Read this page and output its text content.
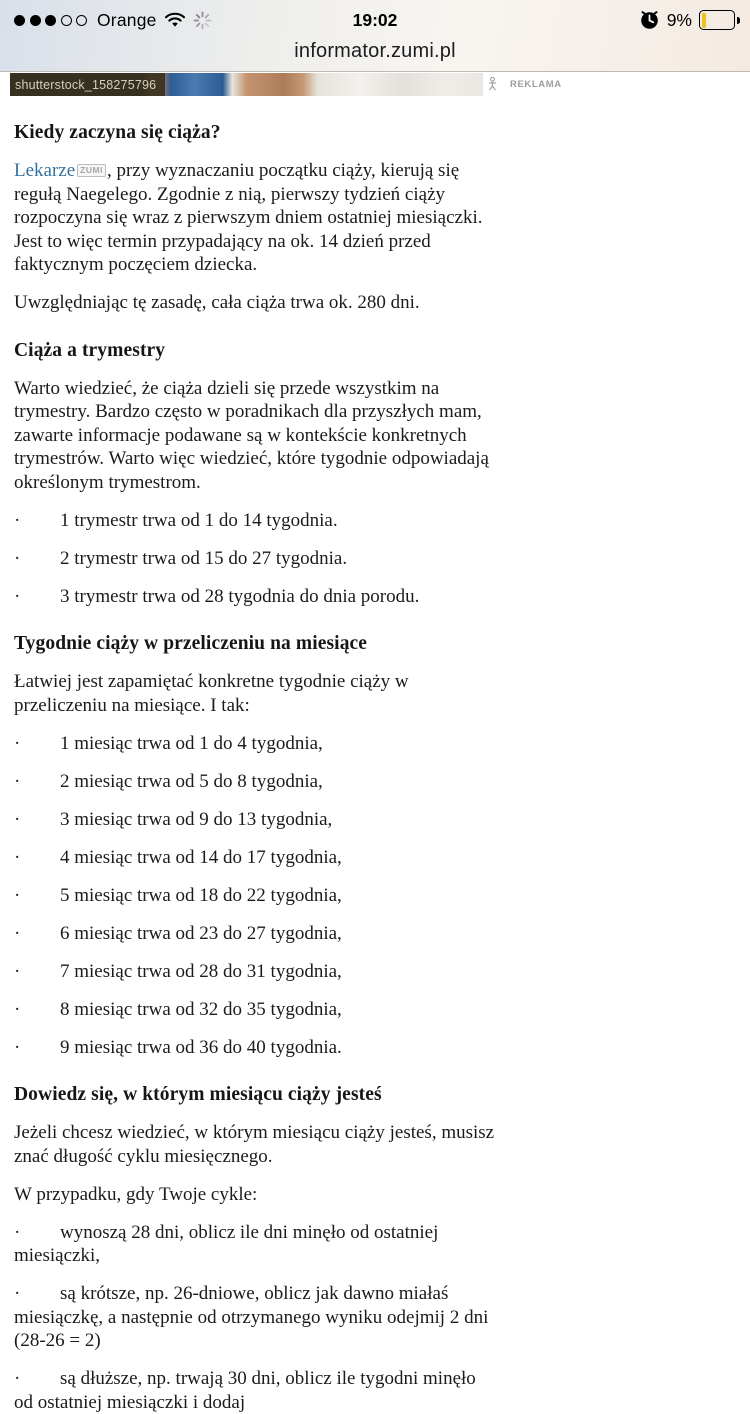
Orange	19:02	9%
informator.zumi.pl
shutterstock_158275796	REKLAMA
Kiedy zaczyna się ciąża?

Lekarze ZUMI , przy wyznaczaniu początku ciąży, kierują się regułą Naegelego. Zgodnie z nią, pierwszy tydzień ciąży rozpoczyna się wraz z pierwszym dniem ostatniej miesiączki. Jest to więc termin przypadający na ok. 14 dzień przed faktycznym poczęciem dziecka.

Uwzględniając tę zasadę, cała ciąża trwa ok. 280 dni.

Ciąża a trymestry

Warto wiedzieć, że ciąża dzieli się przede wszystkim na trymestry. Bardzo często w poradnikach dla przyszłych mam, zawarte informacje podawane są w kontekście konkretnych trymestrów. Warto więc wiedzieć, które tygodnie odpowiadają określonym trymestrom.

· 1 trymestr trwa od 1 do 14 tygodnia.

· 2 trymestr trwa od 15 do 27 tygodnia.

· 3 trymestr trwa od 28 tygodnia do dnia porodu.

Tygodnie ciąży w przeliczeniu na miesiące

Łatwiej jest zapamiętać konkretne tygodnie ciąży w przeliczeniu na miesiące. I tak:

· 1 miesiąc trwa od 1 do 4 tygodnia,

· 2 miesiąc trwa od 5 do 8 tygodnia,

· 3 miesiąc trwa od 9 do 13 tygodnia,

· 4 miesiąc trwa od 14 do 17 tygodnia,

· 5 miesiąc trwa od 18 do 22 tygodnia,

· 6 miesiąc trwa od 23 do 27 tygodnia,

· 7 miesiąc trwa od 28 do 31 tygodnia,

· 8 miesiąc trwa od 32 do 35 tygodnia,

· 9 miesiąc trwa od 36 do 40 tygodnia.

Dowiedz się, w którym miesiącu ciąży jesteś

Jeżeli chcesz wiedzieć, w którym miesiącu ciąży jesteś, musisz znać długość cyklu miesięcznego.

W przypadku, gdy Twoje cykle:

· wynoszą 28 dni, oblicz ile dni minęło od ostatniej miesiączki,

· są krótsze, np. 26-dniowe, oblicz jak dawno miałaś miesiączkę, a następnie od otrzymanego wyniku odejmij 2 dni (28-26 = 2)

· są dłuższe, np. trwają 30 dni, oblicz ile tygodni minęło od ostatniej miesiączki i dodaj
